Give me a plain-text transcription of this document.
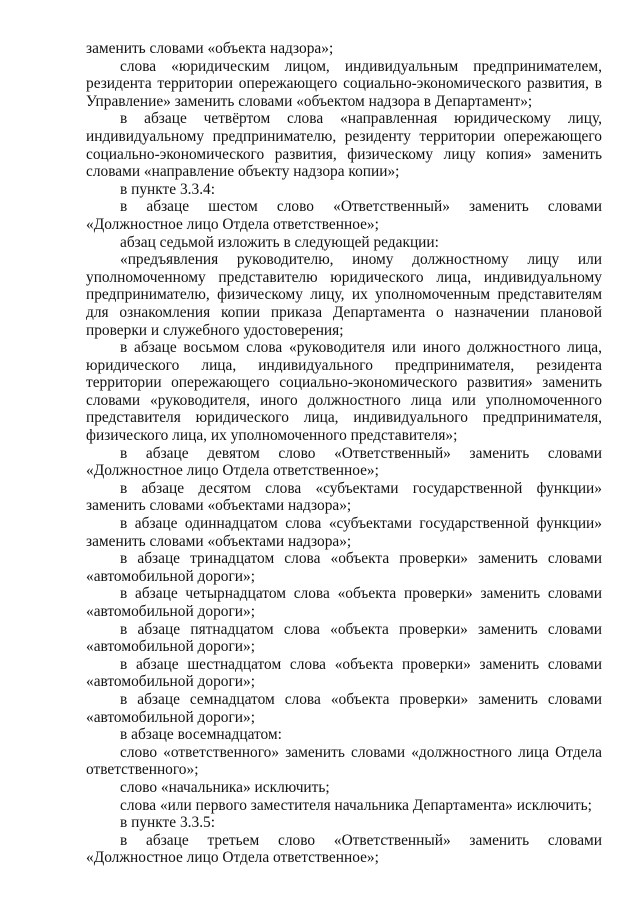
заменить словами «объекта надзора»;

слова «юридическим лицом, индивидуальным предпринимателем, резидента территории опережающего социально-экономического развития, в Управление» заменить словами «объектом надзора в Департамент»;

в абзаце четвёртом слова «направленная юридическому лицу, индивидуальному предпринимателю, резиденту территории опережающего социально-экономического развития, физическому лицу копия» заменить словами «направление объекту надзора копии»;

в пункте 3.3.4:

в абзаце шестом слово «Ответственный» заменить словами «Должностное лицо Отдела ответственное»;

абзац седьмой изложить в следующей редакции:

«предъявления руководителю, иному должностному лицу или уполномоченному представителю юридического лица, индивидуальному предпринимателю, физическому лицу, их уполномоченным представителям для ознакомления копии приказа Департамента о назначении плановой проверки и служебного удостоверения;

в абзаце восьмом слова «руководителя или иного должностного лица, юридического лица, индивидуального предпринимателя, резидента территории опережающего социально-экономического развития» заменить словами «руководителя, иного должностного лица или уполномоченного представителя юридического лица, индивидуального предпринимателя, физического лица, их уполномоченного представителя»;

в абзаце девятом слово «Ответственный» заменить словами «Должностное лицо Отдела ответственное»;

в абзаце десятом слова «субъектами государственной функции» заменить словами «объектами надзора»;

в абзаце одиннадцатом слова «субъектами государственной функции» заменить словами «объектами надзора»;

в абзаце тринадцатом слова «объекта проверки» заменить словами «автомобильной дороги»;

в абзаце четырнадцатом слова «объекта проверки» заменить словами «автомобильной дороги»;

в абзаце пятнадцатом слова «объекта проверки» заменить словами «автомобильной дороги»;

в абзаце шестнадцатом слова «объекта проверки» заменить словами «автомобильной дороги»;

в абзаце семнадцатом слова «объекта проверки» заменить словами «автомобильной дороги»;

в абзаце восемнадцатом:

слово «ответственного» заменить словами «должностного лица Отдела ответственного»;

слово «начальника» исключить;

слова «или первого заместителя начальника Департамента» исключить;

в пункте 3.3.5:

в абзаце третьем слово «Ответственный» заменить словами «Должностное лицо Отдела ответственное»;
